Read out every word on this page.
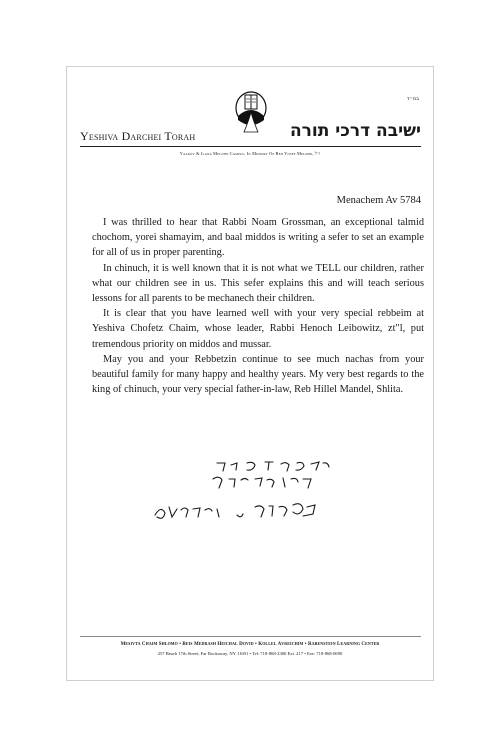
בס״ד
Yeshiva Darchei Torah	ישיבה דרכי תורה
Yaakov & Ilana Melohn Campus, In Memory Of Reb Yosef Melohn, ז״ל
Menachem Av 5784

I was thrilled to hear that Rabbi Noam Grossman, an exceptional talmid chochom, yorei shamayim, and baal middos is writing a sefer to set an example for all of us in proper parenting.

In chinuch, it is well known that it is not what we TELL our children, rather what our children see in us. This sefer explains this and will teach serious lessons for all parents to be mechanech their children.

It is clear that you have learned well with your very special rebbeim at Yeshiva Chofetz Chaim, whose leader, Rabbi Henoch Leibowitz, zt"l, put tremendous priority on middos and mussar.

May you and your Rebbetzin continue to see much nachas from your beautiful family for many happy and healthy years. My very best regards to the king of chinuch, your very special father-in-law, Reb Hillel Mandel, Shlita.

Mesivta Chaim Shlomo • Beis Medrash Heichal Dovid • Kollel Avreichim • Rabenstein Learning Center
257 Beach 17th Street, Far Rockaway, NY 11691 • Tel: 718-868-2300 Ext. 217 • Fax: 718-868-0690
